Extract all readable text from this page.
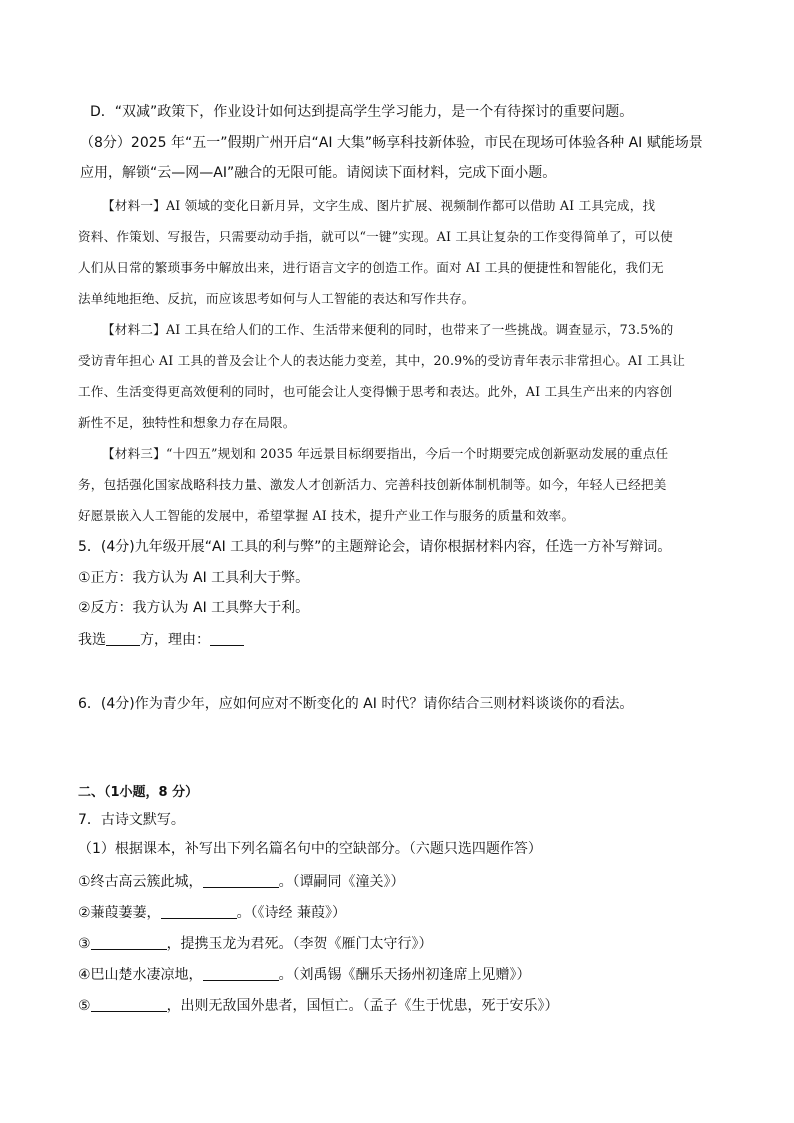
D．“双减”政策下，作业设计如何达到提高学生学习能力，是一个有待探讨的重要问题。
（8分）2025 年“五一”假期广州开启“AI 大集”畅享科技新体验，市民在现场可体验各种 AI 赋能场景
应用，解锁“云—网—AI”融合的无限可能。请阅读下面材料，完成下面小题。
【材料一】AI 领域的变化日新月异，文字生成、图片扩展、视频制作都可以借助 AI 工具完成，找
资料、作策划、写报告，只需要动动手指，就可以“一键”实现。AI 工具让复杂的工作变得简单了，可以使
人们从日常的繁琐事务中解放出来，进行语言文字的创造工作。面对 AI 工具的便捷性和智能化，我们无
法单纯地拒绝、反抗，而应该思考如何与人工智能的表达和写作共存。
【材料二】AI 工具在给人们的工作、生活带来便利的同时，也带来了一些挑战。调查显示，73.5%的
受访青年担心 AI 工具的普及会让个人的表达能力变差，其中，20.9%的受访青年表示非常担心。AI 工具让
工作、生活变得更高效便利的同时，也可能会让人变得懒于思考和表达。此外，AI 工具生产出来的内容创
新性不足，独特性和想象力存在局限。
【材料三】“十四五”规划和 2035 年远景目标纲要指出，今后一个时期要完成创新驱动发展的重点任
务，包括强化国家战略科技力量、激发人才创新活力、完善科技创新体制机制等。如今，年轻人已经把美
好愿景嵌入人工智能的发展中，希望掌握 AI 技术，提升产业工作与服务的质量和效率。
5．(4分)九年级开展“AI 工具的利与弊”的主题辩论会，请你根据材料内容，任选一方补写辩词。
①正方：我方认为 AI 工具利大于弊。
②反方：我方认为 AI 工具弊大于利。
我选 方，理由：
6．(4分)作为青少年，应如何应对不断变化的 AI 时代？请你结合三则材料谈谈你的看法。
二、（1小题，8 分）
7．古诗文默写。
（1）根据课本，补写出下列名篇名句中的空缺部分。（六题只选四题作答）
①终古高云簇此城，	。（谭嗣同《潼关》）
②蒹葭萋萋，	。（《诗经 蒹葭》）
③	，提携玉龙为君死。（李贺《雁门太守行》）
④巴山楚水凄凉地，	。（刘禹锡《酬乐天扬州初逢席上见赠》）
⑤	，出则无敌国外患者，国恒亡。（孟子《生于忧患，死于安乐》）
